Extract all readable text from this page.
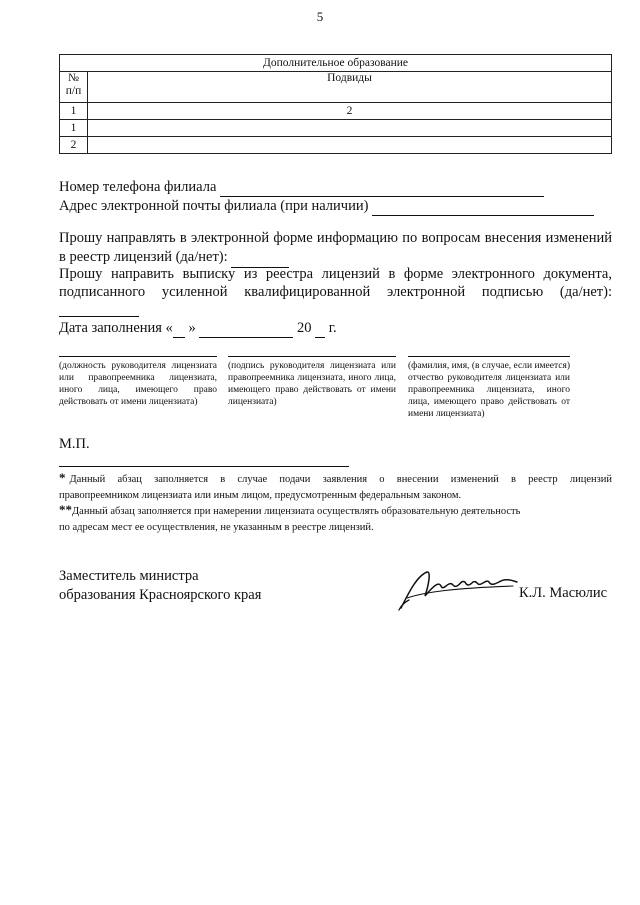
5
Дополнительное образование	
№ п/п	Подвиды
1	2
1	
2	
Номер телефона филиала
Адрес электронной почты филиала (при наличии)
Прошу направлять в электронной форме информацию по вопросам внесения изменений в реестр лицензий (да/нет):
Прошу направить выписку из реестра лицензий в форме электронного документа,
подписанного усиленной квалифицированной электронной подписью (да/нет):
Дата заполнения « »	20 г.
(должность руководителя лицензиата или правопреемника лицензиата, иного лица, имеющего право действовать от имени лицензиата)
(подпись руководителя лицензиата или правопреемника лицензиата, иного лица, имеющего право действовать от имени лицензиата)
(фамилия, имя, (в случае, если имеется) отчество руководителя лицензиата или правопреемника лицензиата, иного лица, имеющего право действовать от имени лицензиата)
М.П.
* Данный абзац заполняется в случае подачи заявления о внесении изменений в реестр лицензий
правопреемником лицензиата или иным лицом, предусмотренным федеральным законом.
**Данный абзац заполняется при намерении лицензиата осуществлять образовательную деятельность
по адресам мест ее осуществления, не указанным в реестре лицензий.
Заместитель министра
образования Красноярского края	К.Л. Масюлис
